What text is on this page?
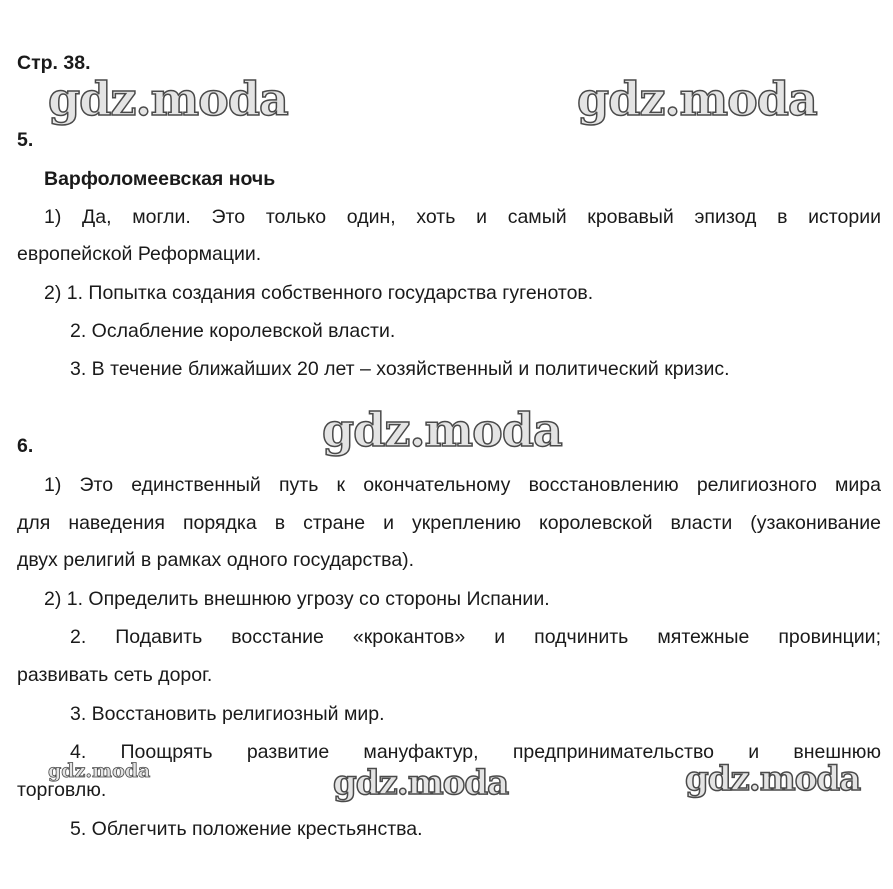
Стр. 38.
gdz.moda	gdz.moda
gdz.moda
gdz.moda	gdz.moda	gdz.moda
5.
Варфоломеевская ночь
1) Да, могли. Это только один, хоть и самый кровавый эпизод в истории
европейской Реформации.
2) 1. Попытка создания собственного государства гугенотов.
2. Ослабление королевской власти.
3. В течение ближайших 20 лет – хозяйственный и политический кризис.
6.
1) Это единственный путь к окончательному восстановлению религиозного мира
для наведения порядка в стране и укреплению королевской власти (узаконивание
двух религий в рамках одного государства).
2) 1. Определить внешнюю угрозу со стороны Испании.
2. Подавить восстание «крокантов» и подчинить мятежные провинции;
развивать сеть дорог.
3. Восстановить религиозный мир.
4. Поощрять развитие мануфактур, предпринимательство и внешнюю
торговлю.
5. Облегчить положение крестьянства.
